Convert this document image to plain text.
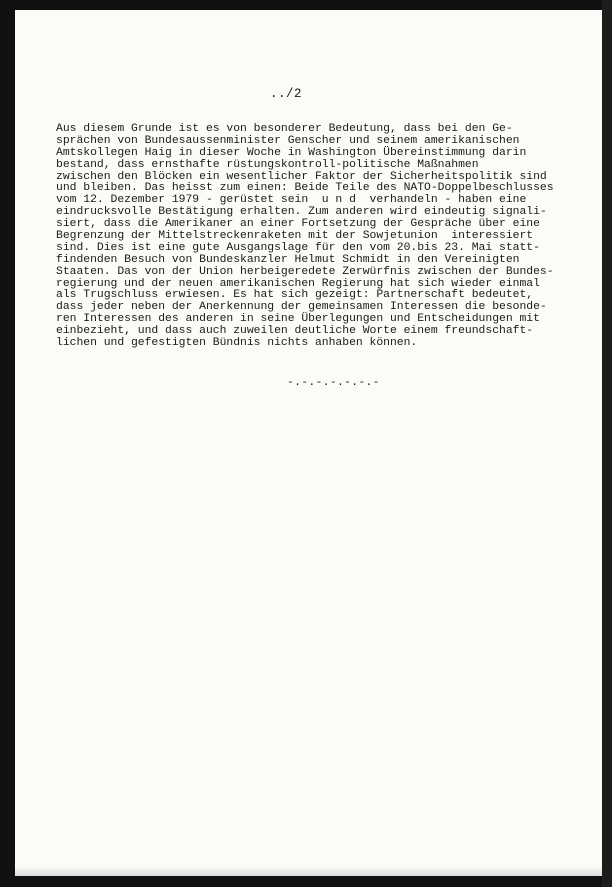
../2
Aus diesem Grunde ist es von besonderer Bedeutung, dass bei den Ge-
sprächen von Bundesaussenminister Genscher und seinem amerikanischen
Amtskollegen Haig in dieser Woche in Washington Übereinstimmung darin
bestand, dass ernsthafte rüstungskontroll-politische Maßnahmen
zwischen den Blöcken ein wesentlicher Faktor der Sicherheitspolitik sind
und bleiben. Das heisst zum einen: Beide Teile des NATO-Doppelbeschlusses
vom 12. Dezember 1979 - gerüstet sein  u n d  verhandeln - haben eine
eindrucksvolle Bestätigung erhalten. Zum anderen wird eindeutig signali-
siert, dass die Amerikaner an einer Fortsetzung der Gespräche über eine
Begrenzung der Mittelstreckenraketen mit der Sowjetunion  interessiert
sind. Dies ist eine gute Ausgangslage für den vom 20.bis 23. Mai statt-
findenden Besuch von Bundeskanzler Helmut Schmidt in den Vereinigten
Staaten. Das von der Union herbeigeredete Zerwürfnis zwischen der Bundes-
regierung und der neuen amerikanischen Regierung hat sich wieder einmal
als Trugschluss erwiesen. Es hat sich gezeigt: Partnerschaft bedeutet,
dass jeder neben der Anerkennung der gemeinsamen Interessen die besonde-
ren Interessen des anderen in seine Überlegungen und Entscheidungen mit
einbezieht, und dass auch zuweilen deutliche Worte einem freundschaft-
lichen und gefestigten Bündnis nichts anhaben können.
-.-.-.-.-.-.-
